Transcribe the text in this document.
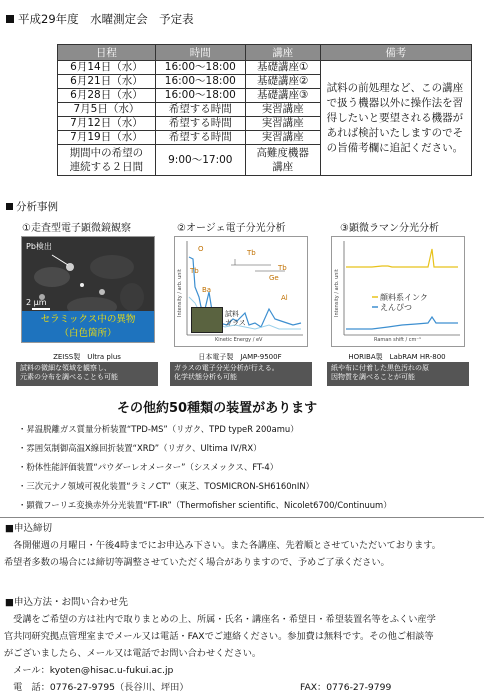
平成29年度　水曜測定会　予定表
日程	時間	講座	備考
6月14日（水）	16:00〜18:00	基礎講座①	試料の前処理など、この講座で扱う機器以外に操作法を習得したいと要望される機器があれば検討いたしますのでその旨備考欄に追記ください。
6月21日（水）	16:00〜18:00	基礎講座②	
6月28日（水）	16:00〜18:00	基礎講座③	
7月5日（水）	希望する時間	実習講座	
7月12日（水）	希望する時間	実習講座	
7月19日（水）	希望する時間	実習講座	
期間中の希望の
連続する２日間	9:00〜17:00	高難度機器
講座	
分析事例
①走査型電子顕微鏡観察
Pb検出
2 μm
セラミックス中の異物
（白色箇所）
ZEISS製　Ultra plus
試料の微細な領域を観察し、
元素の分布を調べることも可能
②オージェ電子分光分析
O
Tb
Tb
Tb
Ba
Ge
Al
Intensity / arb. unit
Kinetic Energy / eV
試料
ガラス
日本電子製　JAMP-9500F
ガラスの電子分光分析が行える。
化学状態分析も可能
③顕微ラマン分光分析
Intensity / arb. unit
Raman shift / cm⁻¹
顔料系インク
えんぴつ
HORIBA製　LabRAM HR-800
紙や布に付着した黒色汚れの原
因物質を調べることが可能
その他約50種類の装置があります
・昇温脱離ガス質量分析装置“TPD-MS”（リガク、TPD typeR 200amu）
・雰囲気制御高温X線回折装置“XRD”（リガク、Ultima IV/RX）
・粉体性能評価装置“パウダーレオメーター”（シスメックス、FT-4）
・三次元ナノ領域可視化装置“ラミノCT”（東芝、TOSMICRON-SH6160nIN）
・顕微フーリエ変換赤外分光装置“FT-IR”（Thermofisher scientific、Nicolet6700/Continuum）
■申込締切
　各開催週の月曜日・午後4時までにお申込み下さい。また各講座、先着順とさせていただいております。
希望者多数の場合には締切等調整させていただく場合がありますので、予めご了承ください。
■申込方法・お問い合わせ先
　受講をご希望の方は社内で取りまとめの上、所属・氏名・講座名・希望日・希望装置名等をふくい産学
官共同研究拠点管理室までメール又は電話・FAXでご連絡ください。参加費は無料です。その他ご相談等
がございましたら、メール又は電話でお問い合わせください。
　メール：kyoten@hisac.u-fukui.ac.jp
　電　話：0776-27-9795（長谷川、坪田）	FAX：0776-27-9799
